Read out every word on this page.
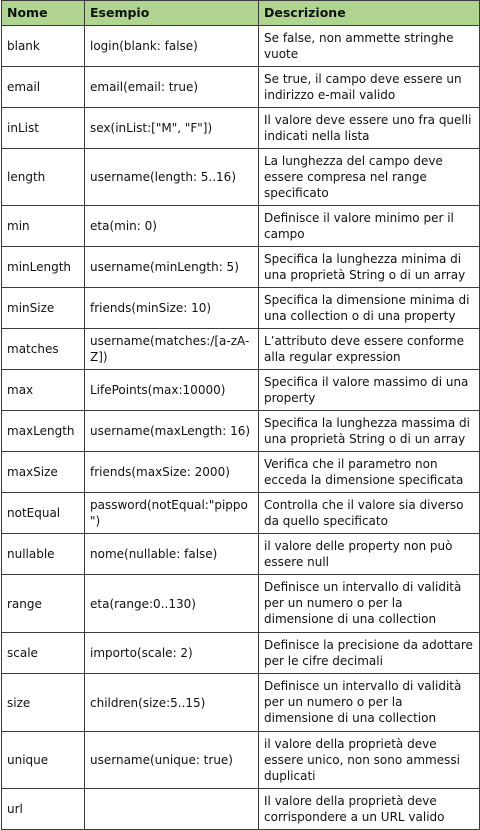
Nome	Esempio	Descrizione
blank	login(blank: false)	Se false, non ammette stringhe vuote
email	email(email: true)	Se true, il campo deve essere un indirizzo e-mail valido
inList	sex(inList:["M", "F"])	Il valore deve essere uno fra quelli indicati nella lista
length	username(length: 5..16)	La lunghezza del campo deve essere compresa nel range specificato
min	eta(min: 0)	Definisce il valore minimo per il campo
minLength	username(minLength: 5)	Specifica la lunghezza minima di una proprietà String o di un array
minSize	friends(minSize: 10)	Specifica la dimensione minima di una collection o di una property
matches	username(matches:/[a-zA-Z])	L’attributo deve essere conforme alla regular expression
max	LifePoints(max:10000)	Specifica il valore massimo di una property
maxLength	username(maxLength: 16)	Specifica la lunghezza massima di una proprietà String o di un array
maxSize	friends(maxSize: 2000)	Verifica che il parametro non ecceda la dimensione specificata
notEqual	password(notEqual:"pippo")	Controlla che il valore sia diverso da quello specificato
nullable	nome(nullable: false)	il valore delle property non può essere null
range	eta(range:0..130)	Definisce un intervallo di validità per un numero o per la dimensione di una collection
scale	importo(scale: 2)	Definisce la precisione da adottare per le cifre decimali
size	children(size:5..15)	Definisce un intervallo di validità per un numero o per la dimensione di una collection
unique	username(unique: true)	il valore della proprietà deve essere unico, non sono ammessi duplicati
url		Il valore della proprietà deve corrispondere a un URL valido
